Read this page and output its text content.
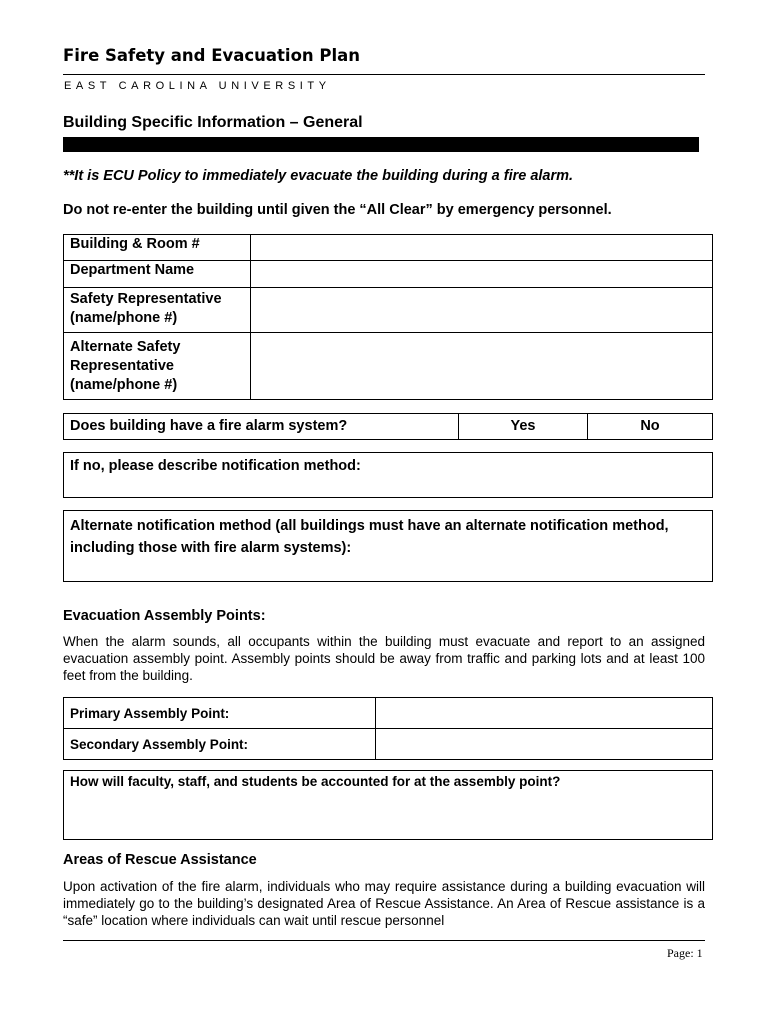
Fire Safety and Evacuation Plan
EAST CAROLINA UNIVERSITY
Building Specific Information – General
**It is ECU Policy to immediately evacuate the building during a fire alarm.
Do not re-enter the building until given the “All Clear” by emergency personnel.
Building & Room #	
Department Name	

Safety Representative
(name/phone #)	

Alternate Safety
Representative
(name/phone #)	

Does building have a fire alarm system?	Yes	No
If no, please describe notification method:
Alternate notification method (all buildings must have an alternate notification method, including those with fire alarm systems):
Evacuation Assembly Points:
When the alarm sounds, all occupants within the building must evacuate and report to an assigned evacuation assembly point. Assembly points should be away from traffic and parking lots and at least 100 feet from the building.
Primary Assembly Point:	
Secondary Assembly Point:	
How will faculty, staff, and students be accounted for at the assembly point?
Areas of Rescue Assistance
Upon activation of the fire alarm, individuals who may require assistance during a building evacuation will immediately go to the building’s designated Area of Rescue Assistance. An Area of Rescue assistance is a “safe” location where individuals can wait until rescue personnel
Page: 1
